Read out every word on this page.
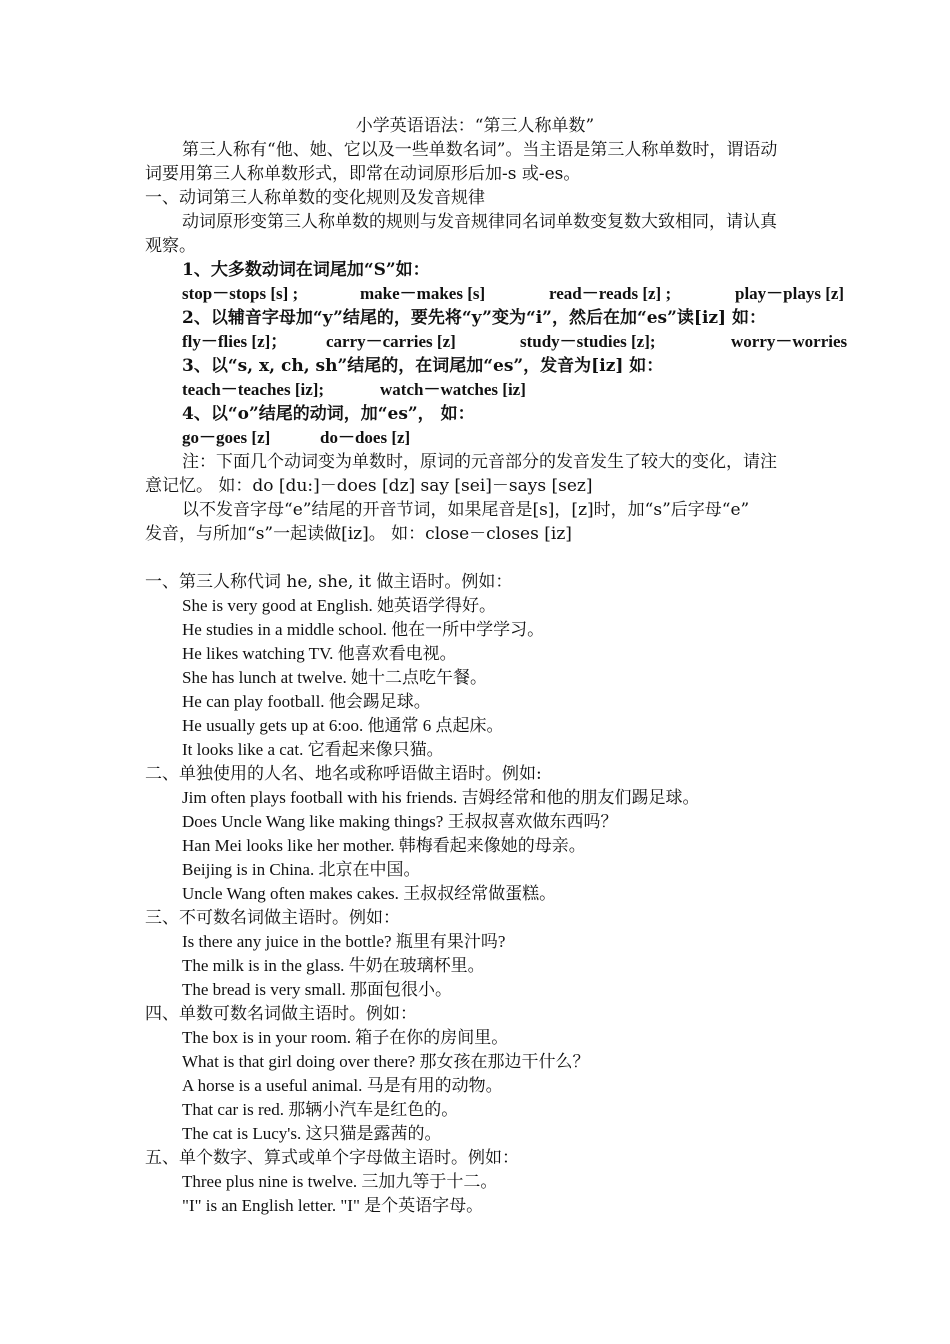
小学英语语法：“第三人称单数”
第三人称有“他、她、它以及一些单数名词”。当主语是第三人称单数时，谓语动
词要用第三人称单数形式，即常在动词原形后加-s 或-es。
一、动词第三人称单数的变化规则及发音规律
动词原形变第三人称单数的规则与发音规律同名词单数变复数大致相同，请认真
观察。
1、大多数动词在词尾加“S”如：
stop－stops [s] ;	make－makes [s]	read－reads [z] ;	play－plays [z]
2、以辅音字母加“y”结尾的，要先将“y”变为“i”，然后在加“es”读[iz] 如：
fly－flies [z]； carry－carries [z]	study－studies [z];	worry－worries
3、以“s, x, ch, sh”结尾的，在词尾加“es”，发音为[iz] 如：
teach－teaches [iz];	watch－watches [iz]
4、以“o”结尾的动词，加“es”， 如：
go－goes [z]	do－does [z]
注：下面几个动词变为单数时，原词的元音部分的发音发生了较大的变化，请注
意记忆。 如：do [du:]－does [dz] say [sei]－says [sez]
以不发音字母“e”结尾的开音节词，如果尾音是[s]，[z]时，加“s”后字母“e”
发音，与所加“s”一起读做[iz]。 如：close－closes [iz]
一、第三人称代词 he, she, it 做主语时。例如：
She is very good at English. 她英语学得好。
He studies in a middle school. 他在一所中学学习。
He likes watching TV. 他喜欢看电视。
She has lunch at twelve. 她十二点吃午餐。
He can play football. 他会踢足球。
He usually gets up at 6:oo. 他通常 6 点起床。
It looks like a cat. 它看起来像只猫。
二、单独使用的人名、地名或称呼语做主语时。例如:
Jim often plays football with his friends. 吉姆经常和他的朋友们踢足球。
Does Uncle Wang like making things? 王叔叔喜欢做东西吗？
Han Mei looks like her mother. 韩梅看起来像她的母亲。
Beijing is in China. 北京在中国。
Uncle Wang often makes cakes. 王叔叔经常做蛋糕。
三、不可数名词做主语时。例如：
Is there any juice in the bottle? 瓶里有果汁吗?
The milk is in the glass. 牛奶在玻璃杯里。
The bread is very small. 那面包很小。
四、单数可数名词做主语时。例如：
The box is in your room. 箱子在你的房间里。
What is that girl doing over there? 那女孩在那边干什么？
A horse is a useful animal. 马是有用的动物。
That car is red. 那辆小汽车是红色的。
The cat is Lucy's. 这只猫是露茜的。
五、单个数字、算式或单个字母做主语时。例如：
Three plus nine is twelve. 三加九等于十二。
"I" is an English letter. "I" 是个英语字母。
